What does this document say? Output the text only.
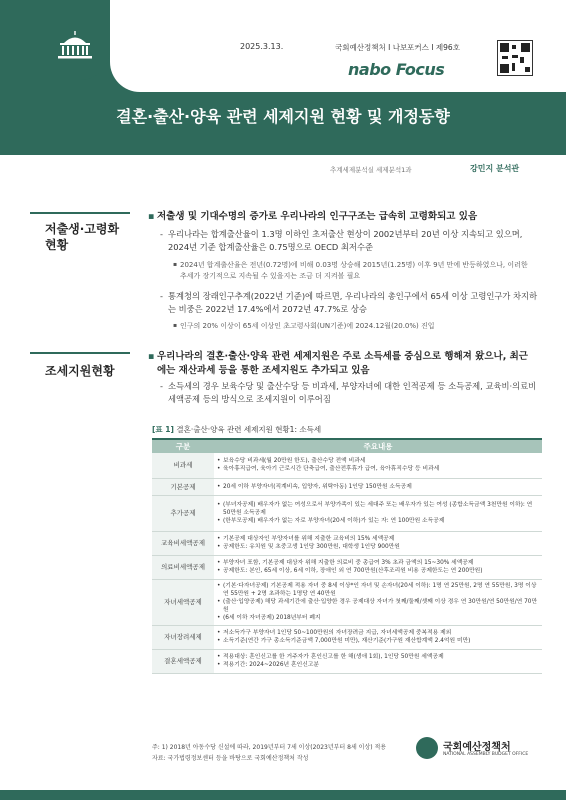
2025.3.13.	국회예산정책처 Ι 나보포커스 Ι 제96호
nabo Focus
결혼·출산·양육 관련 세제지원 현황 및 개정동향
추계세제분석실 세제분석1과	강민지 분석관
저출생·고령화
현황
▪ 저출생 및 기대수명의 증가로 우리나라의 인구구조는 급속히 고령화되고 있음
- 우리나라는 합계출산율이 1.3명 이하인 초저출산 현상이 2002년부터 20년 이상 지속되고 있으며, 2024년 기준 합계출산율은 0.75명으로 OECD 최저수준
▪ 2024년 합계출산율은 전년(0.72명)에 비해 0.03명 상승해 2015년(1.25명) 이후 9년 만에 반등하였으나, 이러한 추세가 장기적으로 지속될 수 있을지는 조금 더 지켜볼 필요
- 통계청의 장래인구추계(2022년 기준)에 따르면, 우리나라의 총인구에서 65세 이상 고령인구가 차지하는 비중은 2022년 17.4%에서 2072년 47.7%로 상승
▪ 인구의 20% 이상이 65세 이상인 초고령사회(UN기준)에 2024.12월(20.0%) 진입
조세지원현황
▪ 우리나라의 결혼·출산·양육 관련 세제지원은 주로 소득세를 중심으로 행해져 왔으나, 최근에는 재산과세 등을 통한 조세지원도 추가되고 있음
- 소득세의 경우 보육수당 및 출산수당 등 비과세, 부양자녀에 대한 인적공제 등 소득공제, 교육비·의료비 세액공제 등의 방식으로 조세지원이 이루어짐
[표 1] 결혼·출산·양육 관련 세제지원 현황1: 소득세
구분	주요내용
비과세	• 보육수당 비과세(월 20만원 한도), 출산수당 전액 비과세
• 육아휴직급여, 육아기 근로시간 단축급여, 출산전후휴가 급여, 육아휴직수당 등 비과세

기본공제	• 20세 이하 부양자녀(직계비속, 입양자, 위탁아동) 1인당 150만원 소득공제

추가공제	• (부녀자공제) 배우자가 없는 여성으로서 부양가족이 있는 세대주 또는 배우자가 있는 여성 (종합소득금액 3천만원 이하): 연 50만원 소득공제
• (한부모공제) 배우자가 없는 자로 부양자녀(20세 이하)가 있는 자: 연 100만원 소득공제

교육비세액공제	• 기본공제 대상자인 부양자녀를 위해 지출한 교육비의 15% 세액공제
• 공제한도: 유치원 및 초중고생 1인당 300만원, 대학생 1인당 900만원

의료비세액공제	• 부양자녀 포함, 기본공제 대상자 위해 지출한 의료비 중 총급여 3% 초과 금액의 15~30% 세액공제
• 공제한도: 본인, 65세 이상, 6세 이하, 장애인 외 연 700만원(산후조리원 비용 공제한도는 연 200만원)

자녀세액공제	• (기본·다자녀공제) 기본공제 적용 자녀 중 8세 이상*인 자녀 및 손자녀(20세 이하): 1명 연 25만원, 2명 연 55만원, 3명 이상 연 55만원 + 2명 초과하는 1명당 연 40만원
• (출산·입양공제) 해당 과세기간에 출산·입양한 경우 공제대상 자녀가 첫째/둘째/셋째 이상 경우 연 30만원/연 50만원/연 70만원
• (6세 이하 자녀공제) 2018년부터 폐지

자녀장려세제	• 저소득가구 부양자녀 1인당 50~100만원의 자녀장려금 지급, 자녀세액공제 중복적용 제외
• 소득기준(연간 가구 총소득기준금액 7,000만원 미만), 재산기준(가구원 재산합계액 2.4억원 미만)

결혼세액공제	• 적용대상: 혼인신고를 한 거주자가 혼인신고를 한 해(생애 1회), 1인당 50만원 세액공제
• 적용기간: 2024~2026년 혼인신고분
주: 1) 2018년 아동수당 신설에 따라, 2019년부터 7세 이상(2023년부터 8세 이상) 적용
자료: 국가법령정보센터 등을 바탕으로 국회예산정책처 작성
국회예산정책처
NATIONAL ASSEMBLY BUDGET OFFICE
